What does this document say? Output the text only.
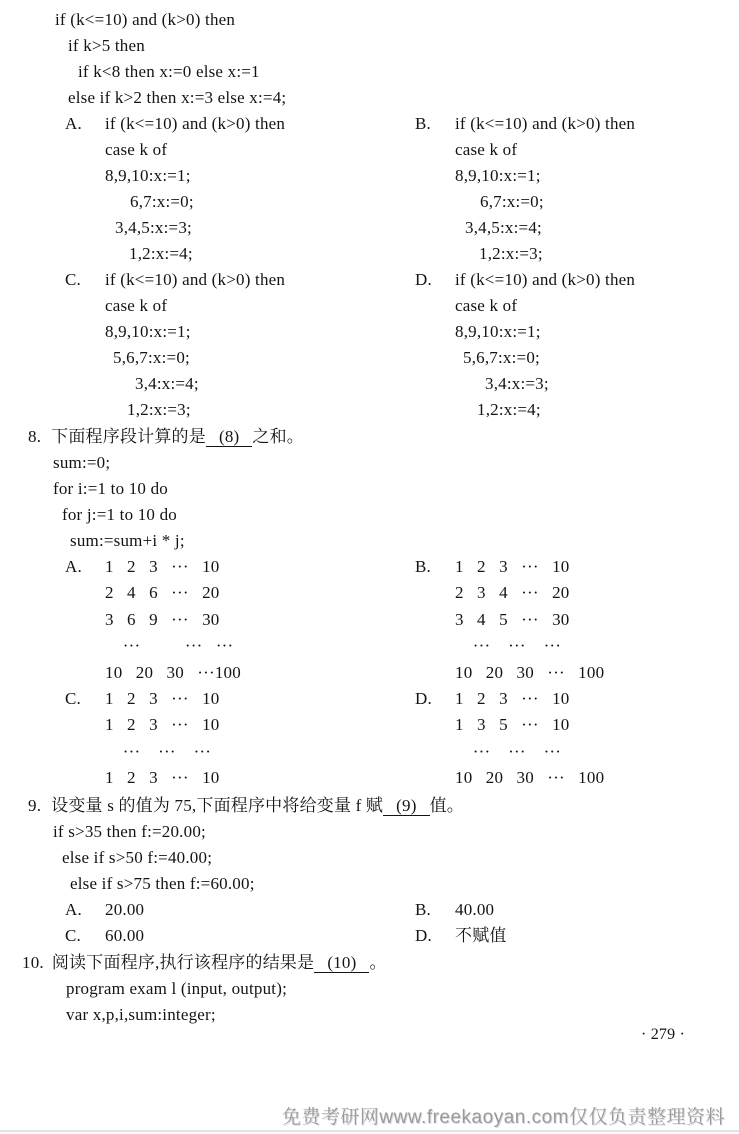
if (k<=10) and (k>0) then
if k>5 then
if k<8 then x:=0 else x:=1
else if k>2 then x:=3 else x:=4;
A.	if (k<=10) and (k>0) then
case k of
8,9,10:x:=1;
6,7:x:=0;
3,4,5:x:=3;
1,2:x:=4;
B.	if (k<=10) and (k>0) then
case k of
8,9,10:x:=1;
6,7:x:=0;
3,4,5:x:=4;
1,2:x:=3;
C.	if (k<=10) and (k>0) then
case k of
8,9,10:x:=1;
5,6,7:x:=0;
3,4:x:=4;
1,2:x:=3;
D.	if (k<=10) and (k>0) then
case k of
8,9,10:x:=1;
5,6,7:x:=0;
3,4:x:=3;
1,2:x:=4;
8. 下面程序段计算的是 (8) 之和。
sum:=0;
for i:=1 to 10 do
for j:=1 to 10 do
sum:=sum+i * j;
A.	1   2   3   ···   10
2   4   6   ···   20
3   6   9   ···   30
···          ···   ···
10   20   30   ···100
B.	1   2   3   ···   10
2   3   4   ···   20
3   4   5   ···   30
···    ···    ···
10   20   30   ···   100
C.	1   2   3   ···   10
1   2   3   ···   10
···    ···    ···
1   2   3   ···   10
D.	1   2   3   ···   10
1   3   5   ···   10
···    ···    ···
10   20   30   ···   100
9. 设变量 s 的值为 75,下面程序中将给变量 f 赋 (9) 值。
if s>35 then f:=20.00;
else if s>50 f:=40.00;
else if s>75 then f:=60.00;
A.	20.00	B.	40.00
C.	60.00	D.	不赋值
10. 阅读下面程序,执行该程序的结果是 (10) 。
program exam l (input, output);
var x,p,i,sum:integer;
· 279 ·
免费考研网www.freekaoyan.com仅仅负责整理资料
